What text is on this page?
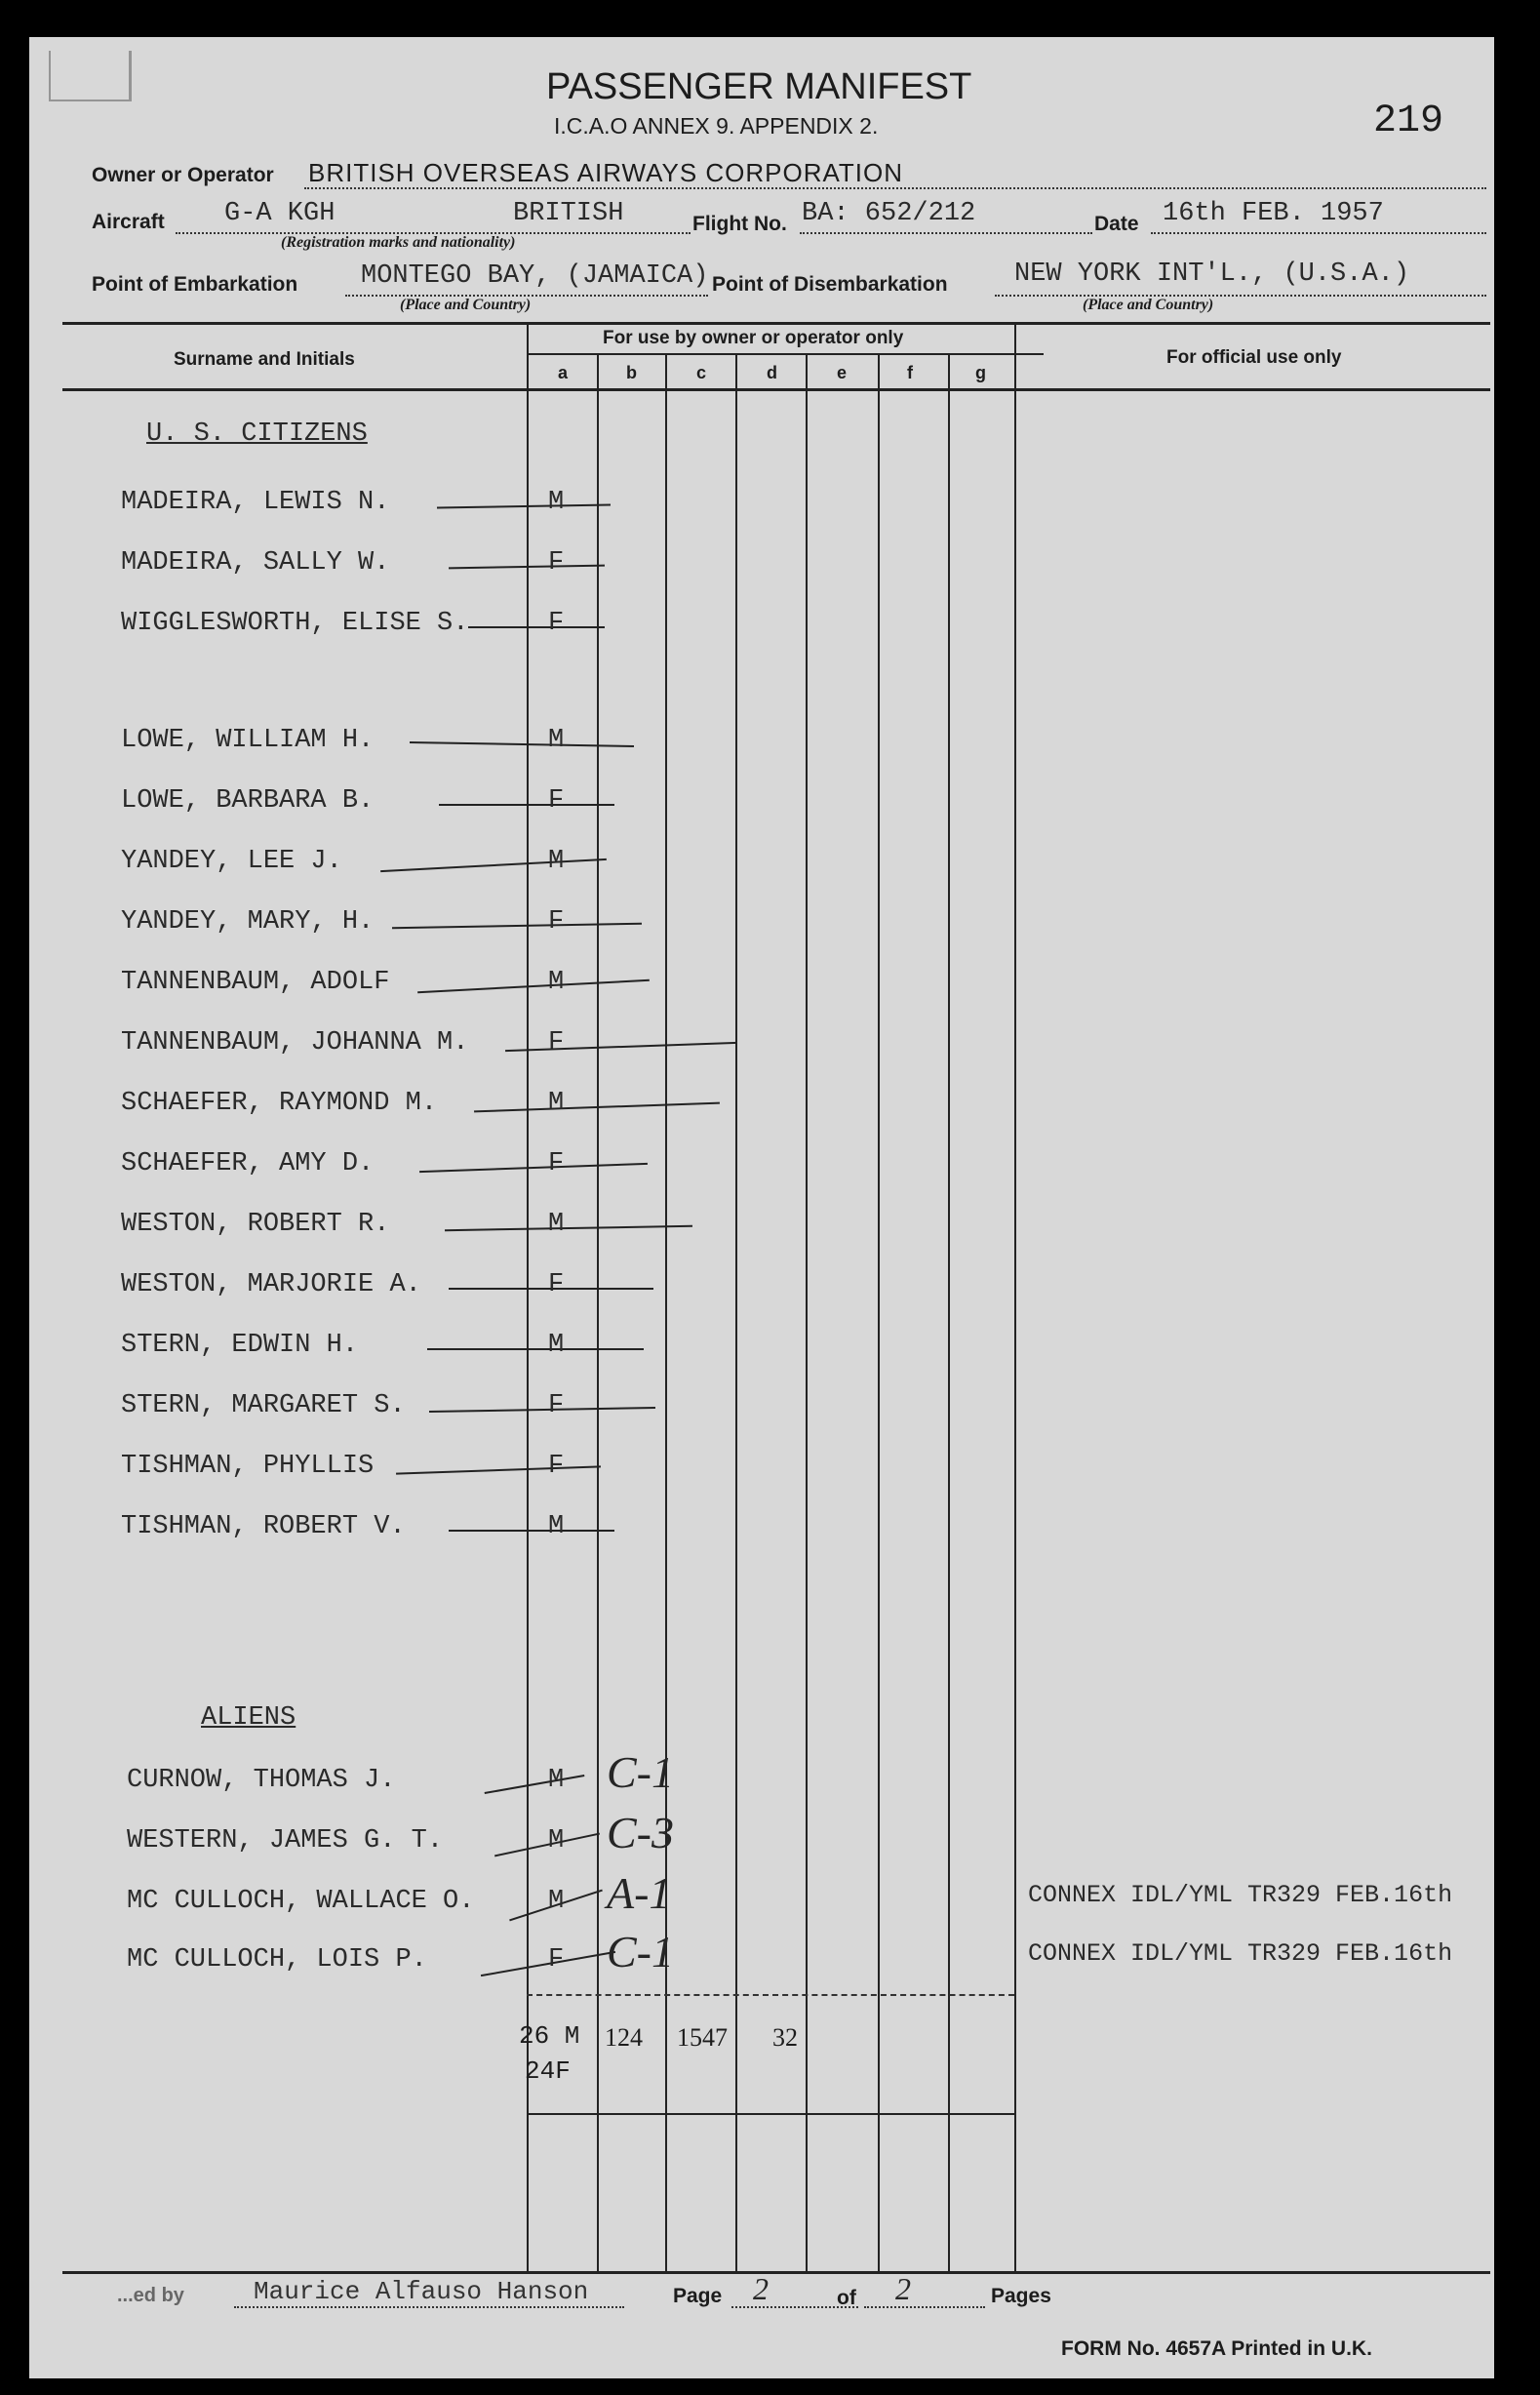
PASSENGER MANIFEST
I.C.A.O ANNEX 9. APPENDIX 2.	219
Owner or Operator BRITISH OVERSEAS AIRWAYS CORPORATION
Aircraft G-A KGH	BRITISH
(Registration marks and nationality)
Flight No. BA: 652/212	Date 16th FEB. 1957
Point of Embarkation MONTEGO BAY, (JAMAICA)
(Place and Country)
Point of Disembarkation	NEW YORK INT'L., (U.S.A.)
(Place and Country)
Surname and Initials
For use by owner or operator only
a	b	c	d	e	f	g
For official use only
U. S. CITIZENS
MADEIRA, LEWIS N.	M
MADEIRA, SALLY W.	F
WIGGLESWORTH, ELISE S.	F
LOWE, WILLIAM H.	M
LOWE, BARBARA B.	F
YANDEY, LEE J.	M
YANDEY, MARY, H.	F
TANNENBAUM, ADOLF	M
TANNENBAUM, JOHANNA M.	F
SCHAEFER, RAYMOND M.	M
SCHAEFER, AMY D.	F
WESTON, ROBERT R.	M
WESTON, MARJORIE A.	F
STERN, EDWIN H.	M
STERN, MARGARET S.	F
TISHMAN, PHYLLIS	F
TISHMAN, ROBERT V.	M
ALIENS
CURNOW, THOMAS J.	M C-1
WESTERN, JAMES G. T.	M C-3
MC CULLOCH, WALLACE O.	M A-1	CONNEX IDL/YML TR329 FEB.16th
MC CULLOCH, LOIS P.	F C-1	CONNEX IDL/YML TR329 FEB.16th
26 M
24F
124 1547 32
...ed by	Maurice Alfauso Hanson	Page 2	of 2	Pages
FORM No. 4657A Printed in U.K.
